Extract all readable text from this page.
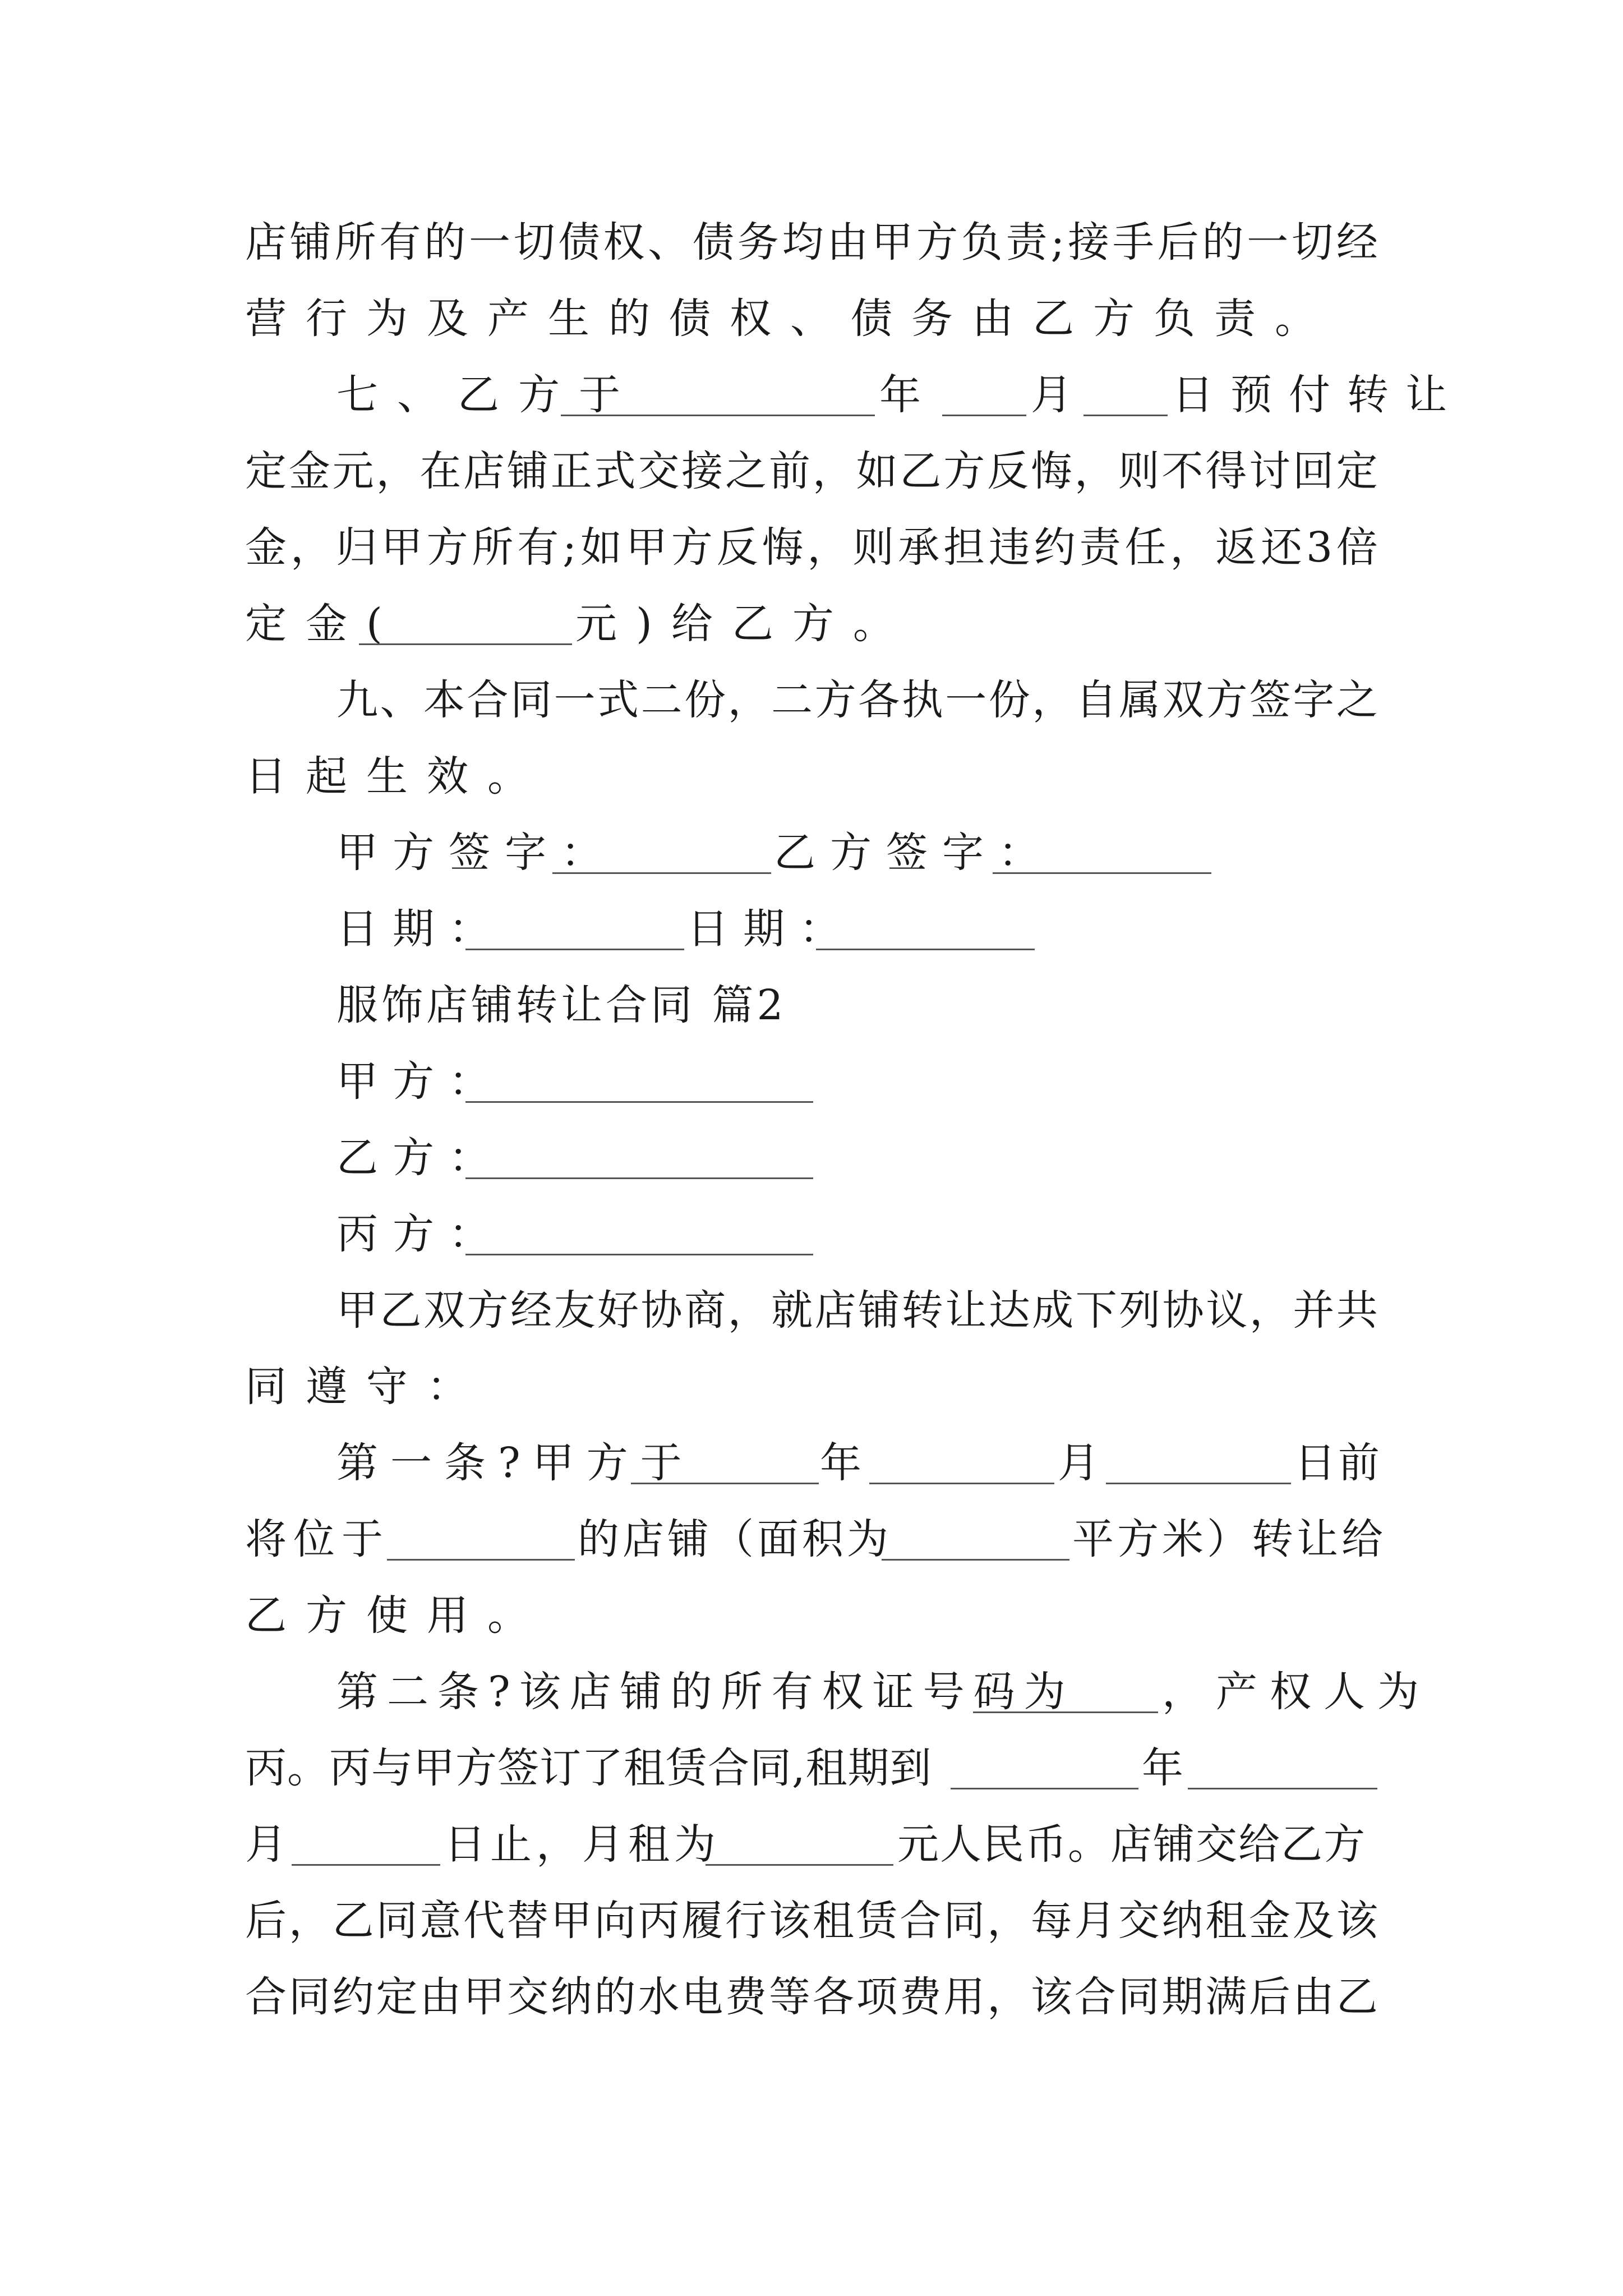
店 铺 所 有 的 一 切 债 权 、 债 务 均 由 甲 方 负 责 ; 接 手 后 的 一 切 经
营行为及产生的债权、债务由乙方负责。
七、乙方于	年	月 日预付转让
定 金 元 ， 在 店 铺 正 式 交 接 之 前 ， 如 乙 方 反 悔 ， 则 不 得 讨 回 定
金 ， 归 甲 方 所 有 ; 如 甲 方 反 悔 ， 则 承 担 违 约 责 任 ， 返 还 3 倍
定金(	元)给乙方。
九 、 本 合 同 一 式 二 份 ， 二 方 各 执 一 份 ， 自 属 双 方 签 字 之
日起生效。
甲方签字：	乙方签字：
日期：	日期：
服饰店铺转让合同 篇2
甲方：
乙方：
丙方：
甲 乙 双 方 经 友 好 协 商 ， 就 店 铺 转 让 达 成 下 列 协 议 ， 并 共
同遵守：
第一条?甲方于	年	月	日前
将位于	的店铺（面积为	平方米）转让给
乙方使用。
第二条?该店铺的所有权证号码为 ，产权人为
丙。丙与甲方签订了租赁合同,租期到	年
月	日止，月租为	元人民币。店铺交给乙方
后 ， 乙 同 意 代 替 甲 向 丙 履 行 该 租 赁 合 同 ， 每 月 交 纳 租 金 及 该
合 同 约 定 由 甲 交 纳 的 水 电 费 等 各 项 费 用 ， 该 合 同 期 满 后 由 乙
